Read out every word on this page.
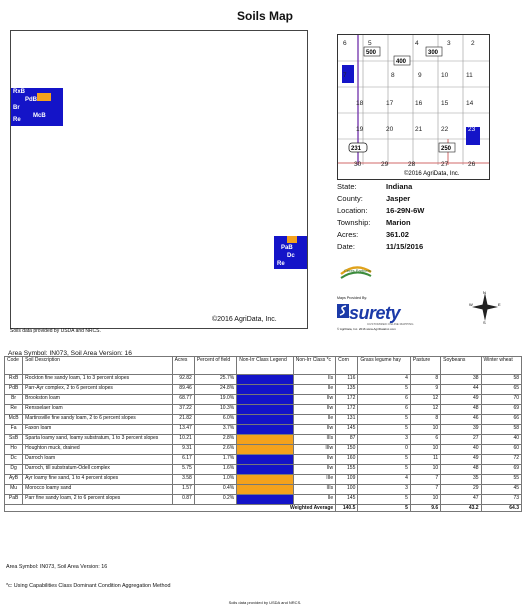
Soils Map
RxB
PdB
Br
McB
Re
PaB
Dc
Re
©2016 AgriData, Inc.
Soils data provided by USDA and NRCS.
6	5	4	3	2
8	9	10	11
7
18	17	16	15	14
19	20	21	22	23
30	29	28	27	26
500
400
300
250
231
©2016 AgriData, Inc.
State:	Indiana
County:	Jasper
Location: 16-29N-6W
Township: Marion
Acres:	361.02
Date:	11/15/2016
Ceres Partners
Maps Provided By:
surety
CUSTOMIZED ONLINE MAPPING
© AgriData, Inc. 2016 www.AgriDataInc.com
N
E
S
W
Area Symbol: IN073, Soil Area Version: 16
Code	Soil Description	Acres	Percent of field	Non-Irr Class Legend	Non-Irr Class *c	Corn	Grass legume hay	Pasture	Soybeans	Winter wheat
RxB	Rockton fine sandy loam, 1 to 3 percent slopes	92.82	25.7%		IIs	116	4	8	38	58
PdB	Parr-Ayr complex, 2 to 6 percent slopes	89.46	24.8%		IIe	135	5	9	44	65
Br	Brookston loam	68.77	19.0%		IIw	172	6	12	49	70
Re	Rensselaer loam	37.22	10.3%		IIw	172	6	12	48	69
McB	Martinsville fine sandy loam, 2 to 6 percent slopes	21.82	6.0%		IIe	131	5	8	46	66
Fa	Faxon loam	13.47	3.7%		IIw	145	5	10	39	58
SsB	Sparta loamy sand, loamy substratum, 1 to 3 percent slopes	10.21	2.8%		IIIs	87	3	6	27	40
Ho	Houghton muck, drained	9.31	2.6%		IIIw	150	0	10	40	60
Dc	Darroch loam	6.17	1.7%		IIw	160	5	11	49	72
Dg	Darroch, till substratum-Odell complex	5.75	1.6%		IIw	155	5	10	48	69
AyB	Ayr loamy fine sand, 1 to 4 percent slopes	3.58	1.0%		IIIe	109	4	7	35	55
Mu	Morocco loamy sand	1.57	0.4%		IIIs	100	3	7	29	45
PaB	Parr fine sandy loam, 2 to 6 percent slopes	0.87	0.2%		IIe	145	5	10	47	73
Weighted Average						140.5	5	9.6	43.2	64.3
Area Symbol: IN073, Soil Area Version: 16
*c: Using Capabilities Class Dominant Condition Aggregation Method
Soils data provided by USDA and NRCS.
